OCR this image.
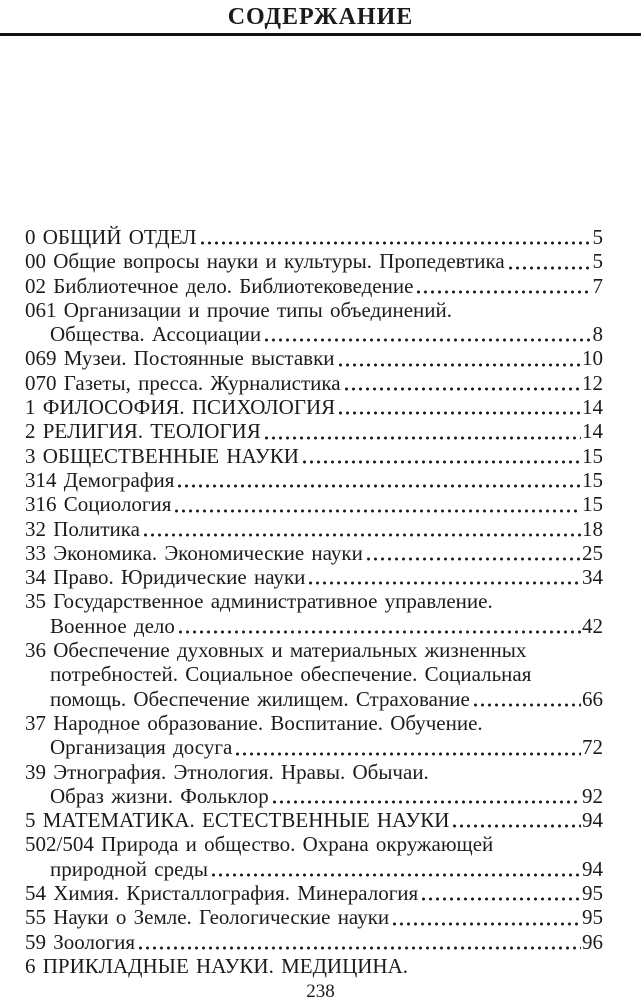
СОДЕРЖАНИЕ
0 ОБЩИЙ ОТДЕЛ	5
00 Общие вопросы науки и культуры. Пропедевтика	5
02 Библиотечное дело. Библиотековедение	7
061 Организации и прочие типы объединений.
Общества. Ассоциации	8
069 Музеи. Постоянные выставки	10
070 Газеты, пресса. Журналистика	12
1 ФИЛОСОФИЯ. ПСИХОЛОГИЯ	14
2 РЕЛИГИЯ. ТЕОЛОГИЯ	14
3 ОБЩЕСТВЕННЫЕ НАУКИ	15
314 Демография	15
316 Социология	15
32 Политика	18
33 Экономика. Экономические науки	25
34 Право. Юридические науки	34
35 Государственное административное управление.
Военное дело	42
36 Обеспечение духовных и материальных жизненных
потребностей. Социальное обеспечение. Социальная
помощь. Обеспечение жилищем. Страхование	66
37 Народное образование. Воспитание. Обучение.
Организация досуга	72
39 Этнография. Этнология. Нравы. Обычаи.
Образ жизни. Фольклор	92
5 МАТЕМАТИКА. ЕСТЕСТВЕННЫЕ НАУКИ	94
502/504 Природа и общество. Охрана окружающей
природной среды	94
54 Химия. Кристаллография. Минералогия	95
55 Науки о Земле. Геологические науки	95
59 Зоология	96
6 ПРИКЛАДНЫЕ НАУКИ. МЕДИЦИНА.
238
